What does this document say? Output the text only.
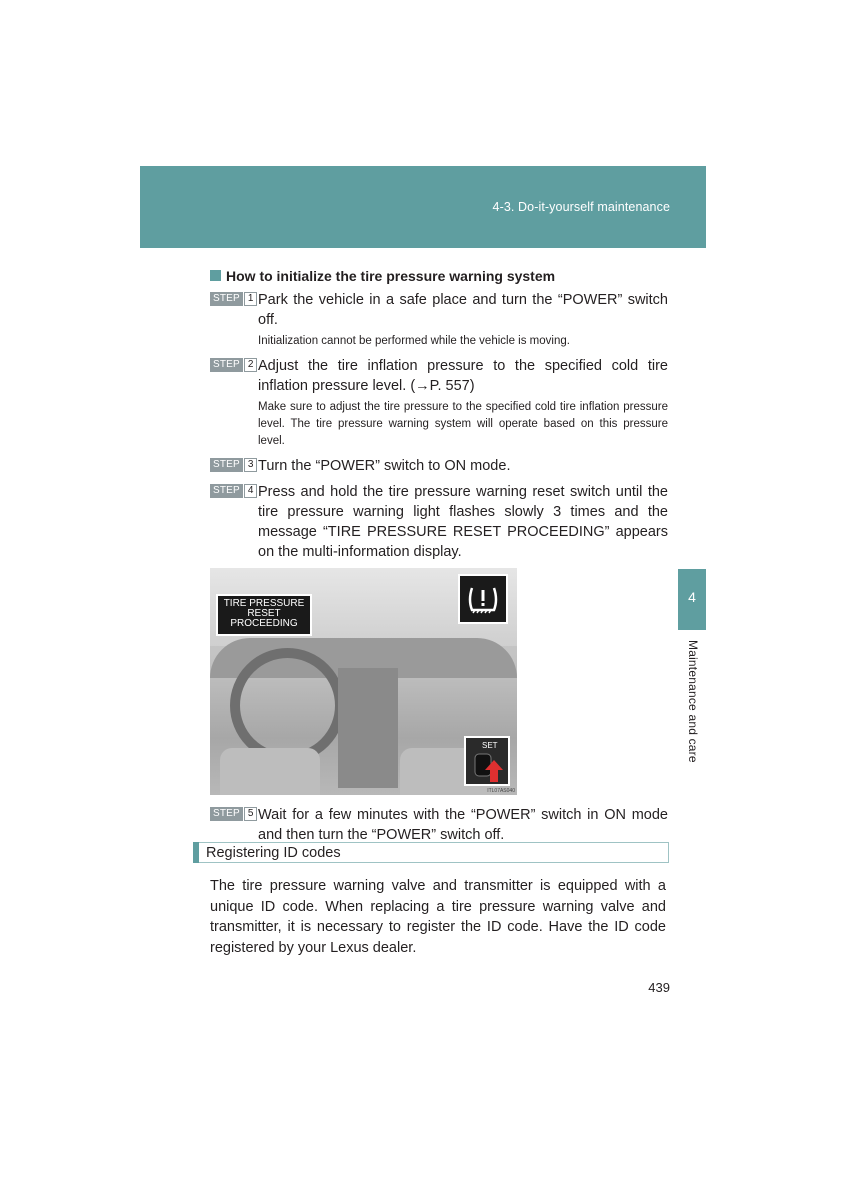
4-3. Do-it-yourself maintenance
4
Maintenance and care
How to initialize the tire pressure warning system
STEP 1 Park the vehicle in a safe place and turn the “POWER” switch off.
Initialization cannot be performed while the vehicle is moving.
STEP 2 Adjust the tire inflation pressure to the specified cold tire inflation pressure level. (→P. 557)
Make sure to adjust the tire pressure to the specified cold tire inflation pressure level. The tire pressure warning system will operate based on this pressure level.
STEP 3 Turn the “POWER” switch to ON mode.
STEP 4 Press and hold the tire pressure warning reset switch until the tire pressure warning light flashes slowly 3 times and the message “TIRE PRESSURE RESET PROCEEDING” appears on the multi-information display.
TIRE PRESSURE
RESET
PROCEEDING
SET
ITL07AS040
STEP 5 Wait for a few minutes with the “POWER” switch in ON mode and then turn the “POWER” switch off.
Registering ID codes
The tire pressure warning valve and transmitter is equipped with a unique ID code. When replacing a tire pressure warning valve and transmitter, it is necessary to register the ID code. Have the ID code registered by your Lexus dealer.
439
